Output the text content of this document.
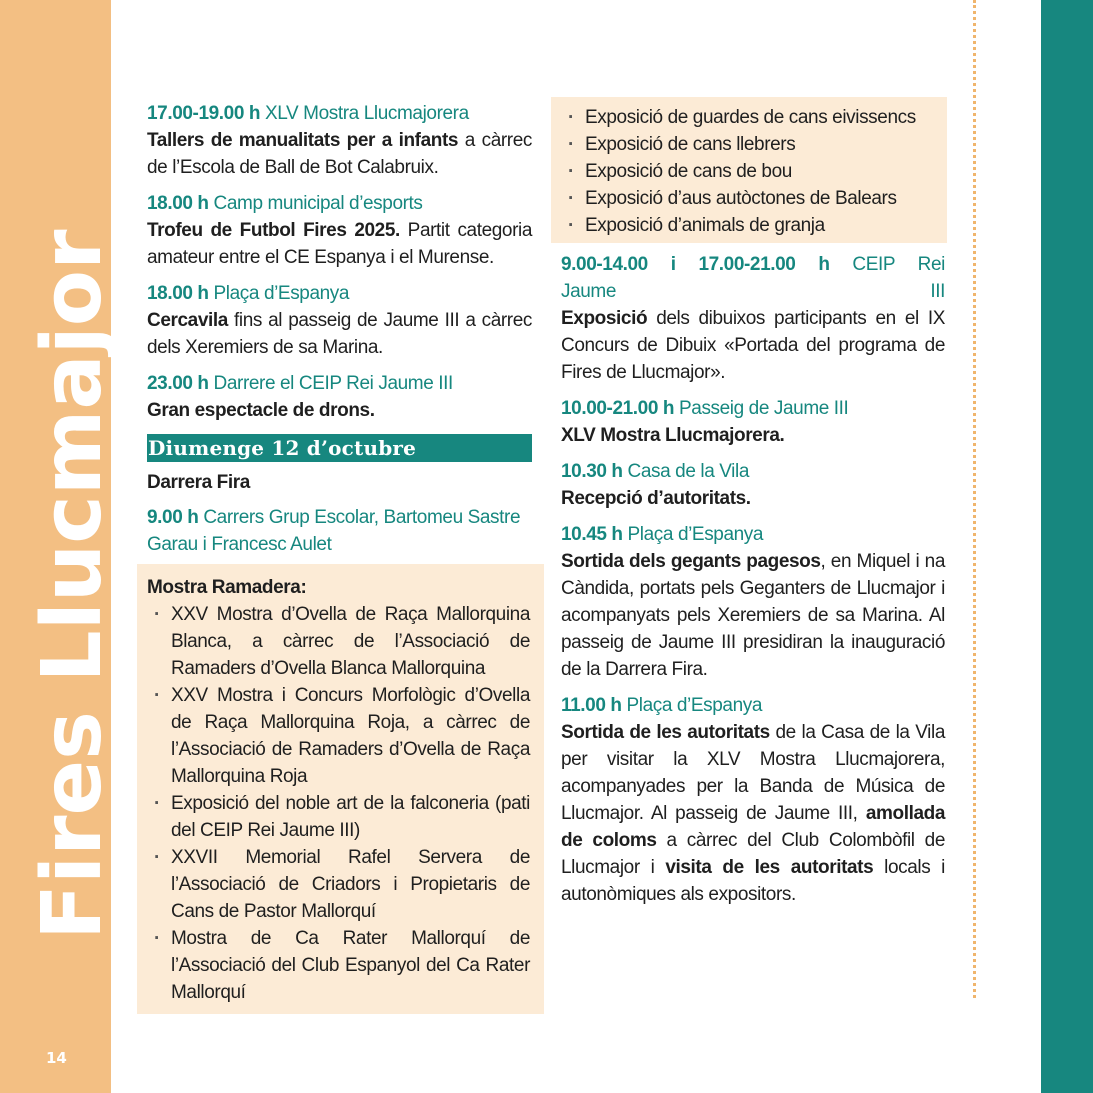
Fires Llucmajor
14

17.00-19.00 h XLV Mostra Llucmajorera

Tallers de manualitats per a infants a càrrec de l’Escola de Ball de Bot Calabruix.

18.00 h Camp municipal d’esports

Trofeu de Futbol Fires 2025. Partit categoria amateur entre el CE Espanya i el Murense.

18.00 h Plaça d’Espanya

Cercavila fins al passeig de Jaume III a càrrec dels Xeremiers de sa Marina.

23.00 h Darrere el CEIP Rei Jaume III

Gran espectacle de drons.

Diumenge 12 d’octubre

Darrera Fira

9.00 h Carrers Grup Escolar, Bartomeu Sastre Garau i Francesc Aulet

Mostra Ramadera:

· XXV Mostra d’Ovella de Raça Mallorquina Blanca, a càrrec de l’Associació de Ramaders d’Ovella Blanca Mallorquina
· XXV Mostra i Concurs Morfològic d’Ovella de Raça Mallorquina Roja, a càrrec de l’Associació de Ramaders d’Ovella de Raça Mallorquina Roja
· Exposició del noble art de la falconeria (pati del CEIP Rei Jaume III)
· XXVII Memorial Rafel Servera de l’Associació de Criadors i Propietaris de Cans de Pastor Mallorquí
· Mostra de Ca Rater Mallorquí de l’Associació del Club Espanyol del Ca Rater Mallorquí
· Exposició de guardes de cans eivissencs
· Exposició de cans llebrers
· Exposició de cans de bou
· Exposició d’aus autòctones de Balears
· Exposició d’animals de granja

9.00-14.00 i 17.00-21.00 h CEIP Rei Jaume III

Exposició dels dibuixos participants en el IX Concurs de Dibuix «Portada del programa de Fires de Llucmajor».

10.00-21.00 h Passeig de Jaume III

XLV Mostra Llucmajorera.

10.30 h Casa de la Vila

Recepció d’autoritats.

10.45 h Plaça d’Espanya

Sortida dels gegants pagesos, en Miquel i na Càndida, portats pels Geganters de Llucmajor i acompanyats pels Xeremiers de sa Marina. Al passeig de Jaume III presidiran la inauguració de la Darrera Fira.

11.00 h Plaça d’Espanya

Sortida de les autoritats de la Casa de la Vila per visitar la XLV Mostra Llucmajorera, acompanyades per la Banda de Música de Llucmajor. Al passeig de Jaume III, amollada de coloms a càrrec del Club Colombòfil de Llucmajor i visita de les autoritats locals i autonòmiques als expositors.
